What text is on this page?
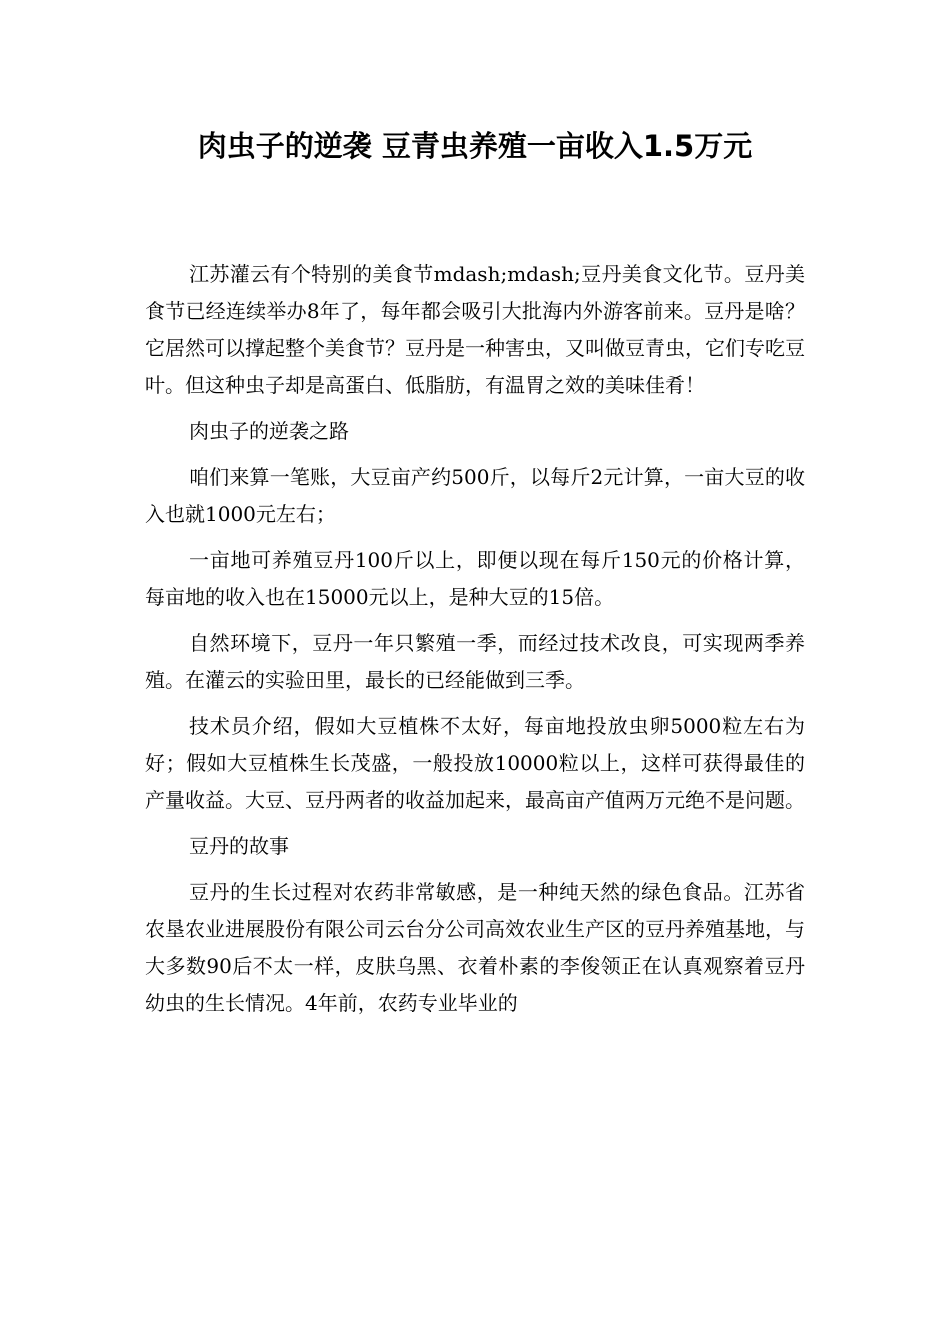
肉虫子的逆袭 豆青虫养殖一亩收入1.5万元

江苏灌云有个特别的美食节mdash;mdash;豆丹美食文化节。豆丹美食节已经连续举办8年了，每年都会吸引大批海内外游客前来。豆丹是啥？它居然可以撑起整个美食节？豆丹是一种害虫，又叫做豆青虫，它们专吃豆叶。但这种虫子却是高蛋白、低脂肪，有温胃之效的美味佳肴！

肉虫子的逆袭之路

咱们来算一笔账，大豆亩产约500斤，以每斤2元计算，一亩大豆的收入也就1000元左右；

一亩地可养殖豆丹100斤以上，即便以现在每斤150元的价格计算，每亩地的收入也在15000元以上，是种大豆的15倍。

自然环境下，豆丹一年只繁殖一季，而经过技术改良，可实现两季养殖。在灌云的实验田里，最长的已经能做到三季。

技术员介绍，假如大豆植株不太好，每亩地投放虫卵5000粒左右为好；假如大豆植株生长茂盛，一般投放10000粒以上，这样可获得最佳的产量收益。大豆、豆丹两者的收益加起来，最高亩产值两万元绝不是问题。

豆丹的故事

豆丹的生长过程对农药非常敏感，是一种纯天然的绿色食品。江苏省农垦农业进展股份有限公司云台分公司高效农业生产区的豆丹养殖基地，与大多数90后不太一样，皮肤乌黑、衣着朴素的李俊领正在认真观察着豆丹幼虫的生长情况。4年前，农药专业毕业的
